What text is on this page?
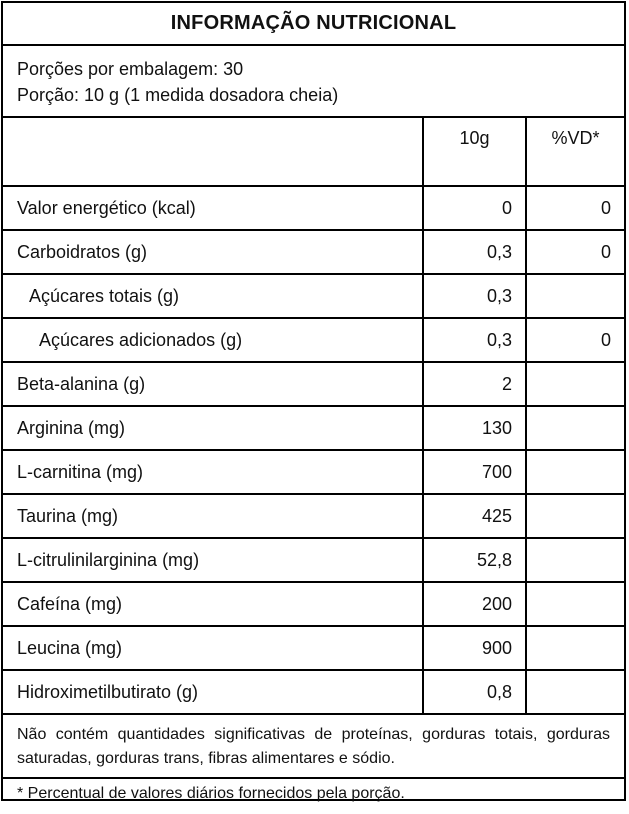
INFORMAÇÃO NUTRICIONAL
Porções por embalagem: 30
Porção: 10 g (1 medida dosadora cheia)
10g	%VD*
Valor energético (kcal)	0	0
Carboidratos (g)	0,3	0
Açúcares totais (g)	0,3
Açúcares adicionados (g)	0,3	0
Beta-alanina (g)	2
Arginina (mg)	130
L-carnitina (mg)	700
Taurina (mg)	425
L-citrulinilarginina (mg)	52,8
Cafeína (mg)	200
Leucina (mg)	900
Hidroximetilbutirato (g)	0,8
Não contém quantidades significativas de proteínas, gorduras totais, gorduras saturadas, gorduras trans, fibras alimentares e sódio.
* Percentual de valores diários fornecidos pela porção.
